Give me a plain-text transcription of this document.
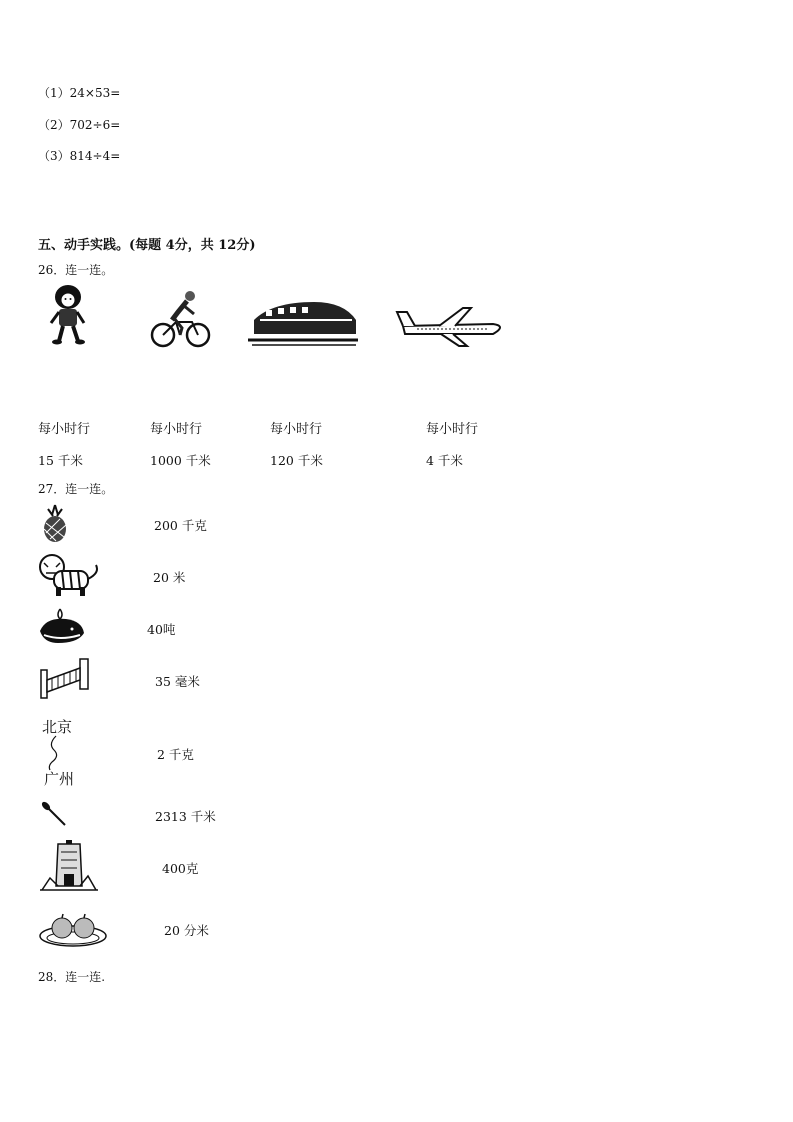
（1）24×53=
（2）702÷6=
（3）814÷4=
五、动手实践。(每题 4分，共 12分)
26．连一连。
每小时行	每小时行	每小时行	每小时行
15 千米	1000 千米	120 千米	4 千米
27．连一连。
北京
广州
200 千克
20 米
40吨
35 毫米
2 千克
2313 千米
400克
20 分米
28．连一连.
